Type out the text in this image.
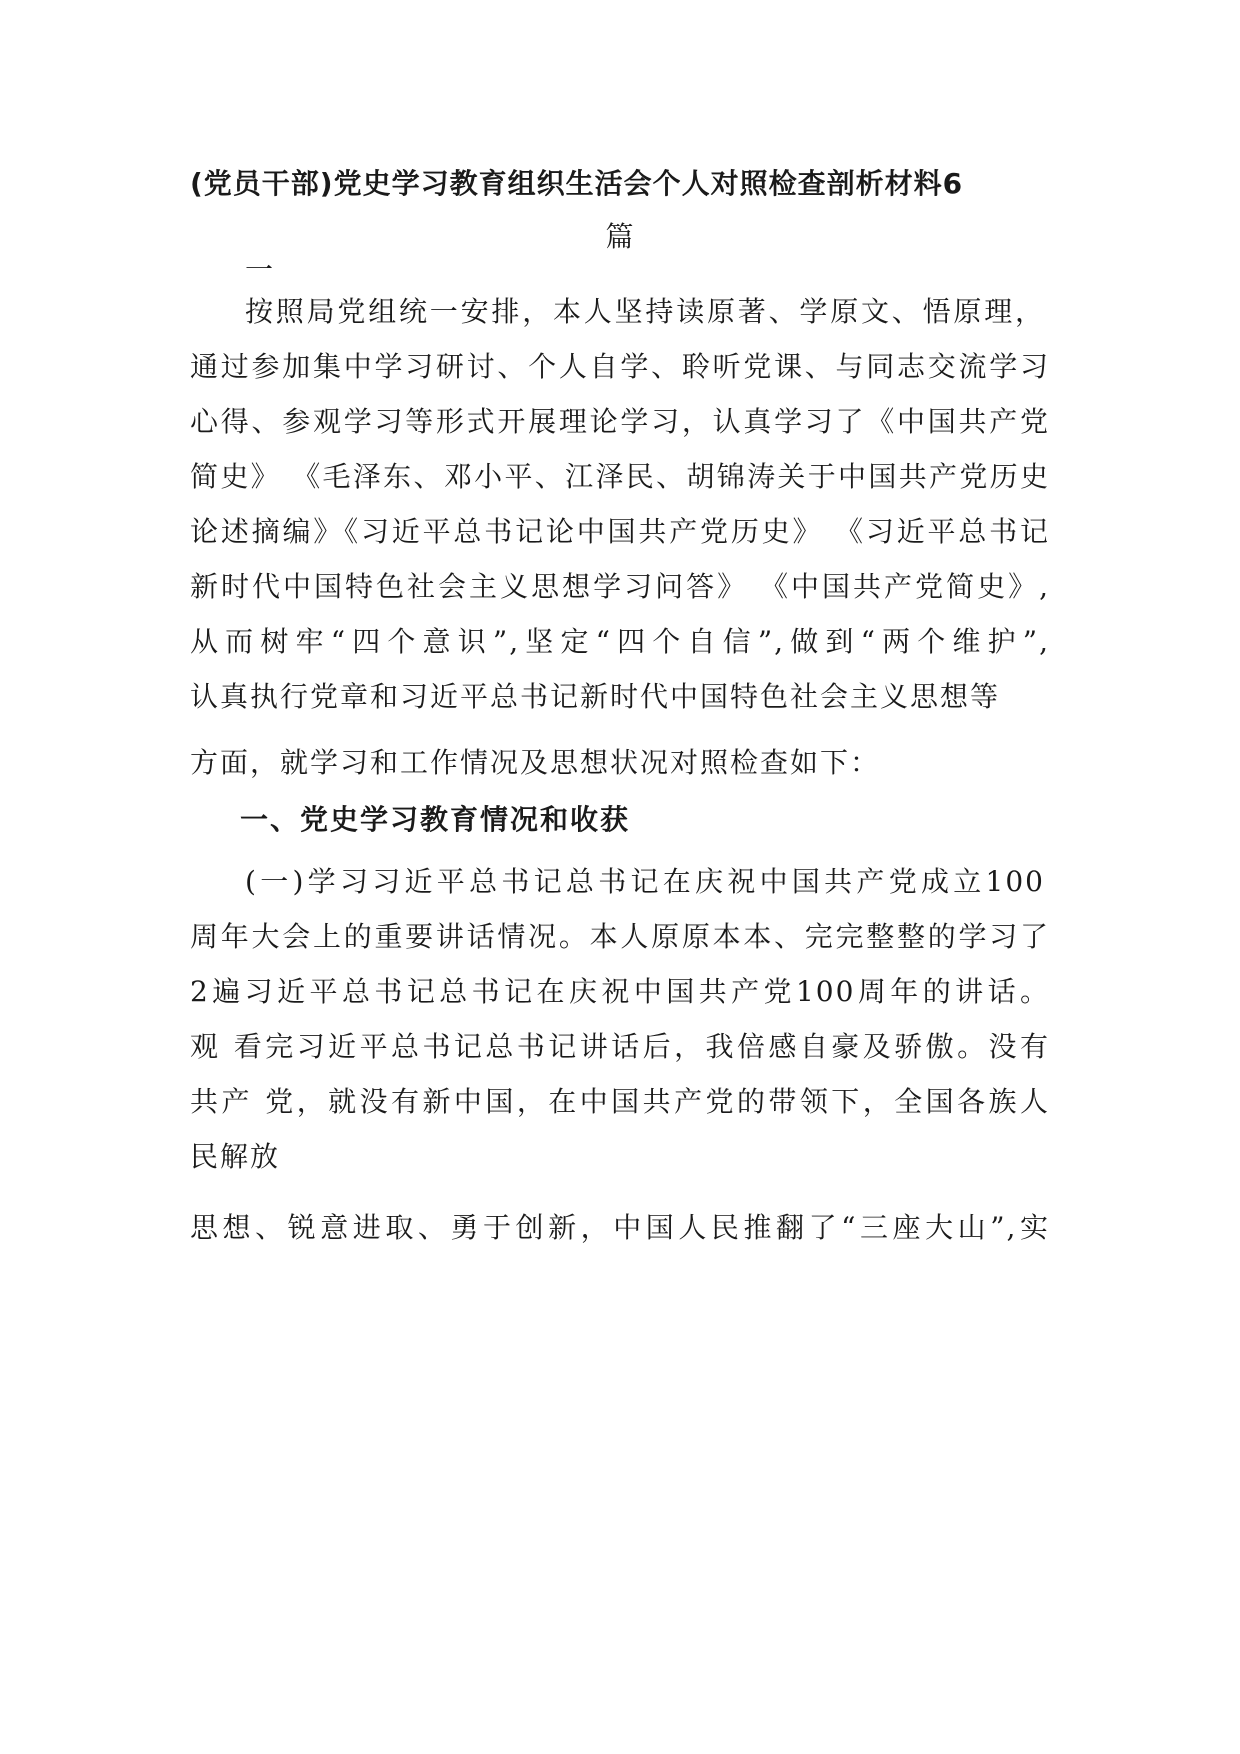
(党员干部)党史学习教育组织生活会个人对照检查剖析材料6
篇
一
按照局党组统一安排，本人坚持读原著、学原文、悟原理，
通过参加集中学习研讨、个人自学、聆听党课、与同志交流学习
心得、参观学习等形式开展理论学习，认真学习了《中国共产党
简史》 《毛泽东、邓小平、江泽民、胡锦涛关于中国共产党历史
论述摘编》《习近平总书记论中国共产党历史》 《习近平总书记
新时代中国特色社会主义思想学习问答》 《中国共产党简史》,
从而树牢“四个意识”,坚定“四个自信”,做到“两个维护”,
认真执行党章和习近平总书记新时代中国特色社会主义思想等
方面，就学习和工作情况及思想状况对照检查如下：
一、党史学习教育情况和收获
(一)学习习近平总书记总书记在庆祝中国共产党成立100
周年大会上的重要讲话情况。本人原原本本、完完整整的学习了
2遍习近平总书记总书记在庆祝中国共产党100周年的讲话。
观 看完习近平总书记总书记讲话后，我倍感自豪及骄傲。没有
共产 党，就没有新中国，在中国共产党的带领下，全国各族人
民解放
思想、锐意进取、勇于创新，中国人民推翻了“三座大山”,实
